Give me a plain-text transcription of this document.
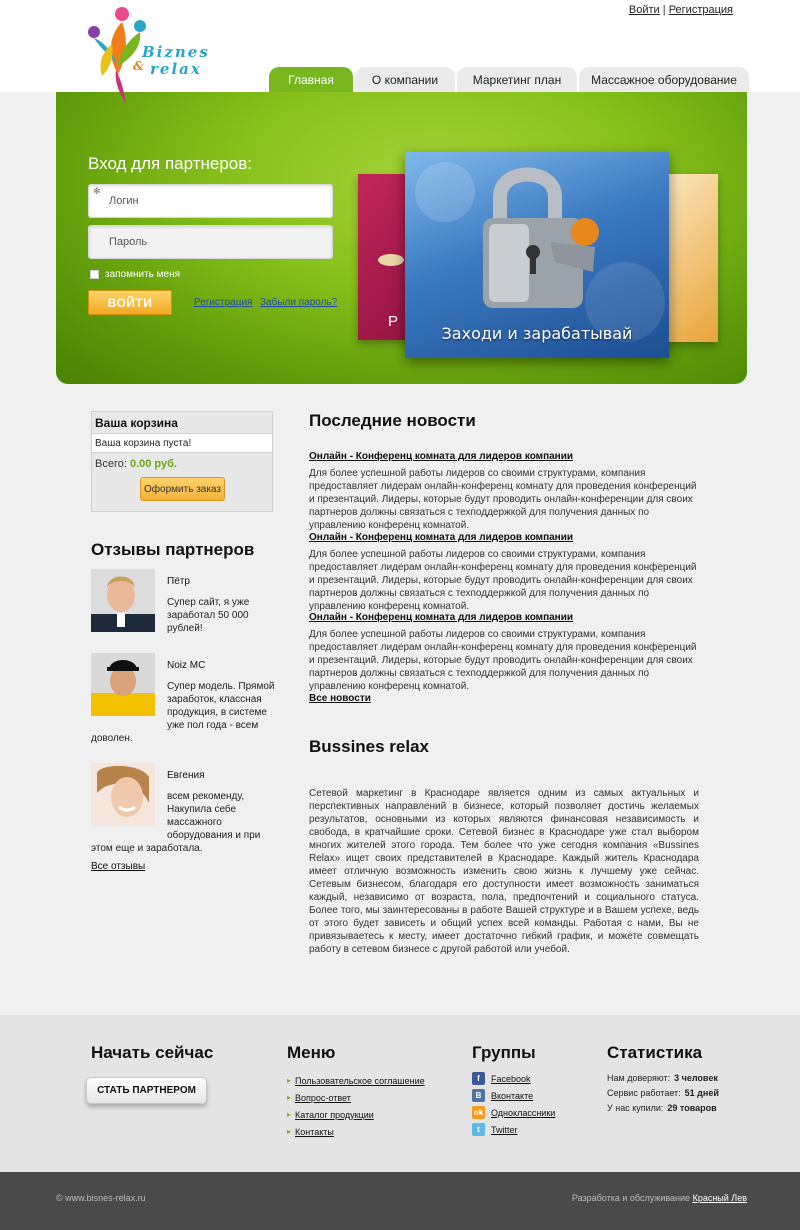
Войти | Регистрация
Главная	О компании	Маркетинг план	Массажное оборудование
Biznes
& relax
Вход для партнеров:
✻
Логин
запомнить меня
ВОЙТИ	Регистрация Забыли пароль?
Р
Заходи и зарабатывай
Ваша корзина
Ваша корзина пуста!
Всего: 0.00 руб.
Оформить заказ
Отзывы партнеров
Пётр
Супер сайт, я уже заработал 50 000 рублей!
Noiz MC
Супер модель. Прямой заработок, классная продукция, в системе уже пол года - всем доволен.
Евгения
всем рекоменду, Накупила себе массажного оборудования и при этом еще и заработала.
Все отзывы
Последние новости
Онлайн - Конференц комната для лидеров компании
Для более успешной работы лидеров со своими структурами, компания предоставляет лидерам онлайн-конференц комнату для проведения конференций и презентаций. Лидеры, которые будут проводить онлайн-конференции для своих партнеров должны связаться с техподдержкой для получения данных по управлению конференц комнатой.
Онлайн - Конференц комната для лидеров компании
Для более успешной работы лидеров со своими структурами, компания предоставляет лидерам онлайн-конференц комнату для проведения конференций и презентаций. Лидеры, которые будут проводить онлайн-конференции для своих партнеров должны связаться с техподдержкой для получения данных по управлению конференц комнатой.
Онлайн - Конференц комната для лидеров компании
Для более успешной работы лидеров со своими структурами, компания предоставляет лидерам онлайн-конференц комнату для проведения конференций и презентаций. Лидеры, которые будут проводить онлайн-конференции для своих партнеров должны связаться с техподдержкой для получения данных по управлению конференц комнатой.
Все новости
Bussines relax
Сетевой маркетинг в Краснодаре является одним из самых актуальных и перспективных направлений в бизнесе, который позволяет достичь желаемых результатов, основными из которых являются финансовая независимость и свобода, в кратчайшие сроки. Сетевой бизнес в Краснодаре уже стал выбором многих жителей этого города. Тем более что уже сегодня компания «Bussines Relax» ищет своих представителей в Краснодаре. Каждый житель Краснодара имеет отличную возможность изменить свою жизнь к лучшему уже сейчас. Сетевым бизнесом, благодаря его доступности имеет возможность заниматься каждый, независимо от возраста, пола, предпочтений и социального статуса. Более того, мы заинтересованы в работе Вашей структуре и в Вашем успехе, ведь от этого будет зависеть и общий успех всей команды. Работая с нами, Вы не привязываетесь к месту, имеет достаточно гибкий график, и можете совмещать работу в сетевом бизнесе с другой работой или учебой.
Начать сейчас
СТАТЬ ПАРТНЕРОМ
Меню
▸ Пользовательское соглашение
▸ Вопрос-ответ
▸ Каталог продукции
▸ Контакты
Группы
f	Facebook
В	Вконтакте
ok Одноклассники
t	Twitter
Статистика
Нам доверяют: 3 человек
Сервис работает: 51 дней
У нас купили: 29 товаров
© www.bisnes-relax.ru	Разработка и обслуживание Красный Лев
